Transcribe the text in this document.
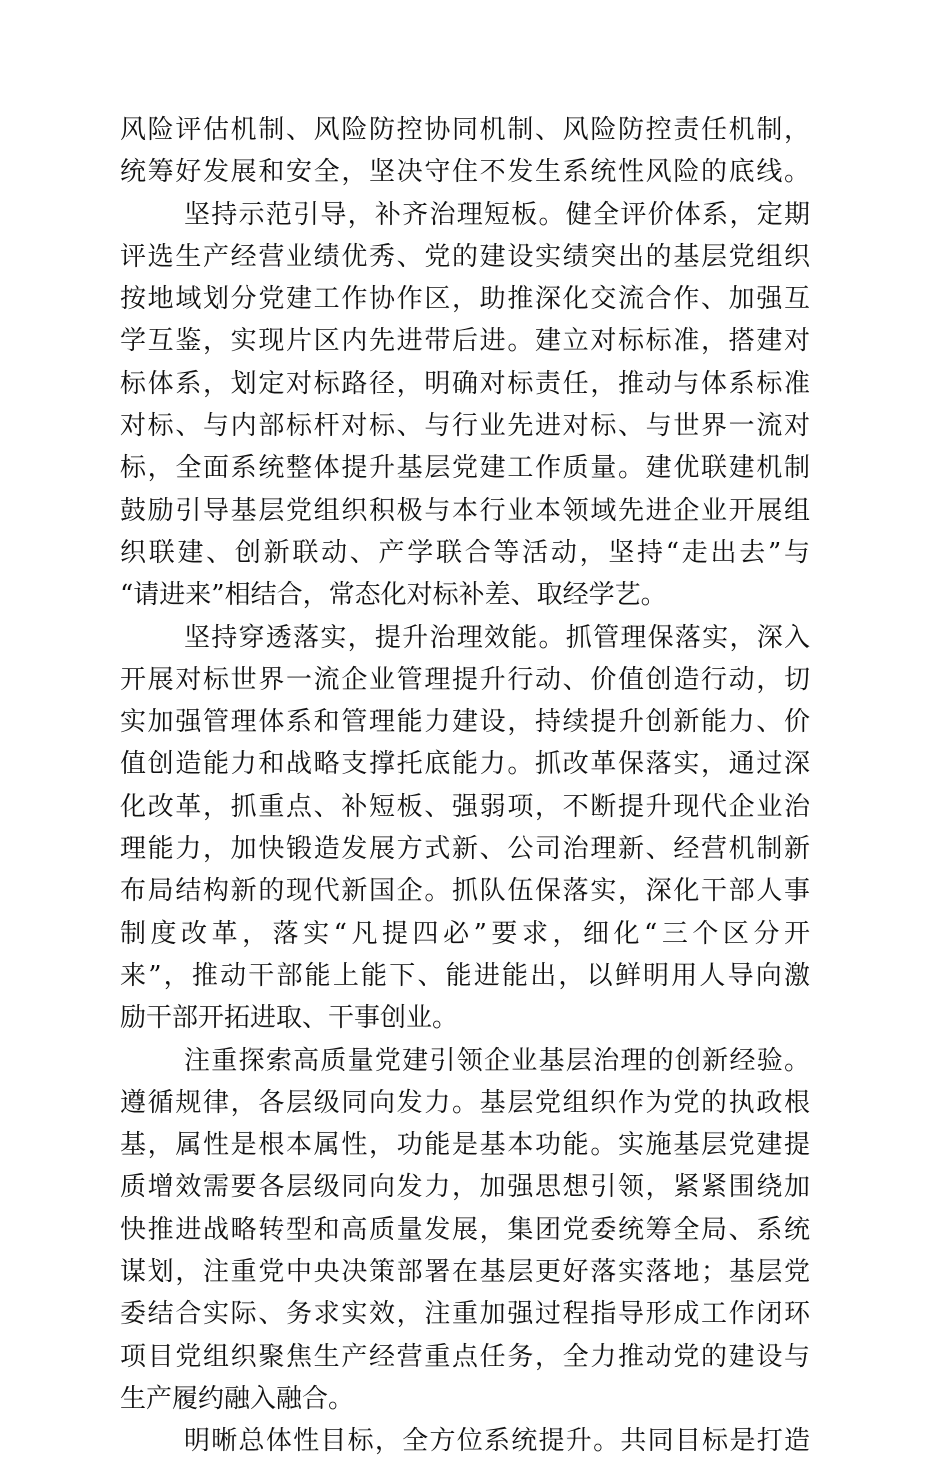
风险评估机制、风险防控协同机制、风险防控责任机制，
统筹好发展和安全，坚决守住不发生系统性风险的底线。
坚持示范引导，补齐治理短板。健全评价体系，定期
评选生产经营业绩优秀、党的建设实绩突出的基层党组织
按地域划分党建工作协作区，助推深化交流合作、加强互
学互鉴，实现片区内先进带后进。建立对标标准，搭建对
标体系，划定对标路径，明确对标责任，推动与体系标准
对标、与内部标杆对标、与行业先进对标、与世界一流对
标，全面系统整体提升基层党建工作质量。建优联建机制
鼓励引导基层党组织积极与本行业本领域先进企业开展组
织联建、创新联动、产学联合等活动，坚持“走出去”与
“请进来”相结合，常态化对标补差、取经学艺。
坚持穿透落实，提升治理效能。抓管理保落实，深入
开展对标世界一流企业管理提升行动、价值创造行动，切
实加强管理体系和管理能力建设，持续提升创新能力、价
值创造能力和战略支撑托底能力。抓改革保落实，通过深
化改革，抓重点、补短板、强弱项，不断提升现代企业治
理能力，加快锻造发展方式新、公司治理新、经营机制新
布局结构新的现代新国企。抓队伍保落实，深化干部人事
制度改革，落实“凡提四必”要求，细化“三个区分开
来”，推动干部能上能下、能进能出，以鲜明用人导向激
励干部开拓进取、干事创业。
注重探索高质量党建引领企业基层治理的创新经验。
遵循规律，各层级同向发力。基层党组织作为党的执政根
基，属性是根本属性，功能是基本功能。实施基层党建提
质增效需要各层级同向发力，加强思想引领，紧紧围绕加
快推进战略转型和高质量发展，集团党委统筹全局、系统
谋划，注重党中央决策部署在基层更好落实落地；基层党
委结合实际、务求实效，注重加强过程指导形成工作闭环
项目党组织聚焦生产经营重点任务，全力推动党的建设与
生产履约融入融合。
明晰总体性目标，全方位系统提升。共同目标是打造
